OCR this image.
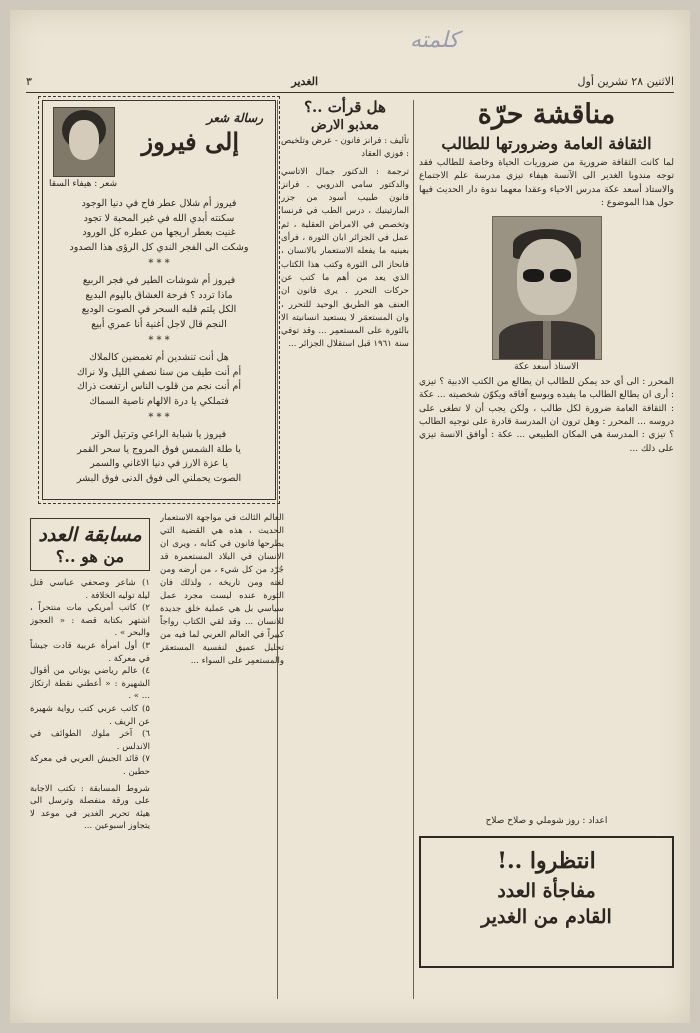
کلمته
الاثنين ٢٨ تشرين أول
الغدير
٣
مناقشة حرّة
الثقافة العامة وضرورتها للطالب
لما كانت الثقافة ضرورية من ضروريات الحياة وخاصة للطالب فقد توجه مندوبا الغدير الى الآنسة هيفاء تيزي مدرسة علم الاجتماع والاستاذ أسعد عكة مدرس الاحياء وعقدا معهما ندوة دار الحديث فيها حول هذا الموضوع :
الاستاذ أسعد عكة
المحرر : الى أي حد يمكن للطالب ان يطالع من الكتب الادبية ؟ تيزي : أرى ان يطالع الطالب ما يفيده ويوسع آفاقه ويكوّن شخصيته ... عكة : الثقافة العامة ضرورة لكل طالب ، ولكن يجب أن لا تطغى على دروسه ... المحرر : وهل ترون ان المدرسة قادرة على توجيه الطالب ؟ تيزي : المدرسة هي المكان الطبيعي ... عكة : أوافق الانسة تيزي على ذلك ...
اعداد : روز شوملي و صلاح صلاح
انتظروا ..!
مفاجأة العدد
القادم من الغدير
هل قرأت ..؟
معذبو الارض
تأليف : فرانز فانون - عرض وتلخيص : فوزي العقاد
ترجمة : الدكتور جمال الاتاسي والدكتور سامي الدروبي . فرانز فانون طبيب أسود من جزر المارتينيك ، درس الطب في فرنسا وتخصص في الامراض العقلية ، ثم عمل في الجزائر ابان الثورة ، فرأى بعينيه ما يفعله الاستعمار بالانسان ، فانحاز الى الثورة وكتب هذا الكتاب الذي يعد من أهم ما كتب عن حركات التحرر . يرى فانون ان العنف هو الطريق الوحيد للتحرر ، وان المستعمَر لا يستعيد انسانيته الا بالثورة على المستعمِر ... وقد توفي سنة ١٩٦١ قبل استقلال الجزائر ...
رسالة شعر
إلى فيروز
شعر : هيفاء السقا
فيروز أم شلال عطر فاح في دنيا الوجود
سكنته أبدي الله في غير المحبة لا تجود
غنيت بعطر اريجها من عطره كل الورود
وشكت الى الفجر الندي كل الرؤى هذا الصدود
* * *
فيروز أم شوشات الطير في فجر الربيع
ماذا تردد ؟ فرحة العشاق باليوم البديع
الكل يلتم قلبه السحر في الصوت الوديع
النجم قال لاجل أغنية أنا عمري أبيع
* * *
هل أنت تنشدين أم تغمضين كالملاك
أم أنت طيف من سنا نصفي الليل ولا نراك
أم أنت نجم من قلوب الناس ارتفعت ذراك
فتملكي يا درة الالهام ناصية السماك
* * *
فيروز يا شبابة الراعي وترتيل الوتر
يا طلة الشمس فوق المروج يا سحر القمر
يا عزة الارز في دنيا الاغاني والسمر
الصوت يحملني الى فوق الدنى فوق البشر
العالم الثالث في مواجهة الاستعمار الحديث ، هذه هي القضية التي يطرحها فانون في كتابه ، ويرى ان الانسان في البلاد المستعمرة قد جُرّد من كل شيء ، من أرضه ومن لغته ومن تاريخه ، ولذلك فان الثورة عنده ليست مجرد عمل سياسي بل هي عملية خلق جديدة للانسان ... وقد لقي الكتاب رواجاً كبيراً في العالم العربي لما فيه من تحليل عميق لنفسية المستعمَر والمستعمِر على السواء ...
مسابقة العدد
من هو ..؟
١) شاعر وصحفي عباسي قتل ليلة توليه الخلافة .
٢) كاتب أمريكي مات منتحراً ، اشتهر بكتابة قصة : « العجوز والبحر » .
٣) أول امرأة عربية قادت جيشاً في معركة .
٤) عالم رياضي يوناني من أقوال الشهيرة : « أعطني نقطة ارتكاز ... » .
٥) كاتب عربي كتب رواية شهيرة عن الريف .
٦) آخر ملوك الطوائف في الاندلس .
٧) قائد الجيش العربي في معركة حطين .
شروط المسابقة : تكتب الاجابة على ورقة منفصلة وترسل الى هيئة تحرير الغدير في موعد لا يتجاوز اسبوعين ...
